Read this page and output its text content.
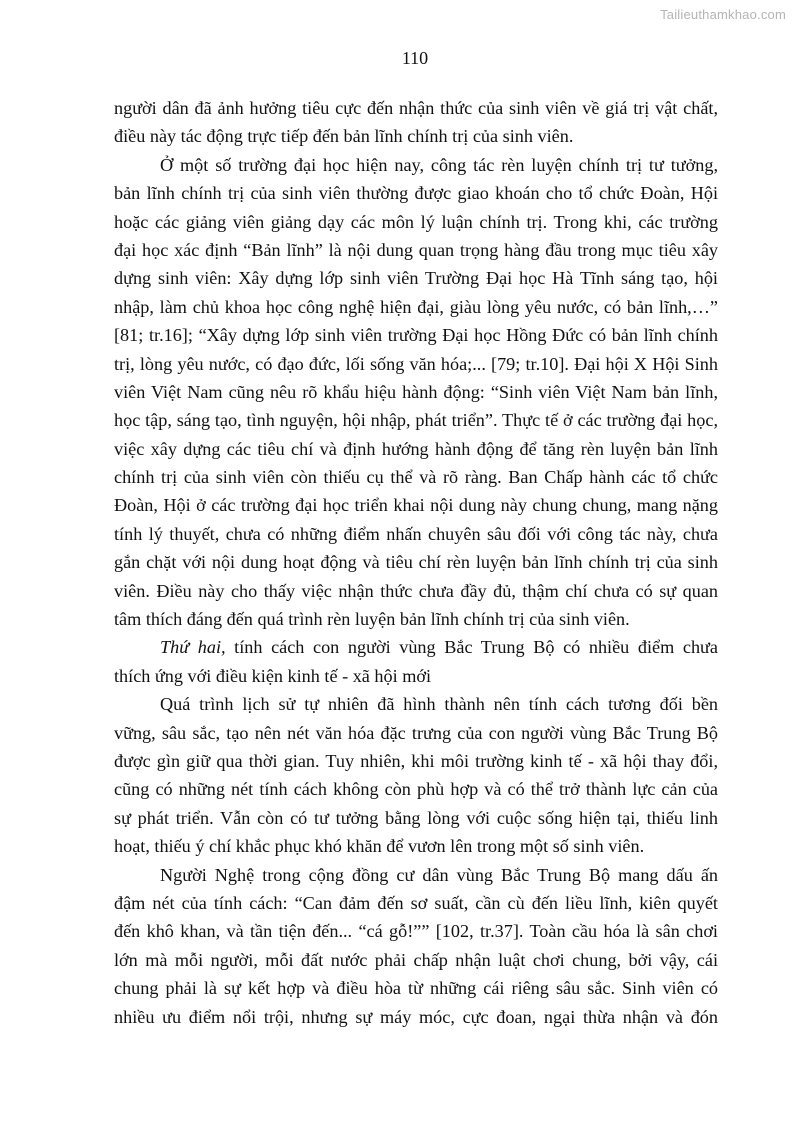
Tailieuthamkhao.com
110
người dân đã ảnh hưởng tiêu cực đến nhận thức của sinh viên về giá trị vật chất,
điều này tác động trực tiếp đến bản lĩnh chính trị của sinh viên.
Ở một số trường đại học hiện nay, công tác rèn luyện chính trị tư tưởng,
bản lĩnh chính trị của sinh viên thường được giao khoán cho tổ chức Đoàn, Hội
hoặc các giảng viên giảng dạy các môn lý luận chính trị. Trong khi, các trường
đại học xác định “Bản lĩnh” là nội dung quan trọng hàng đầu trong mục tiêu xây
dựng sinh viên: Xây dựng lớp sinh viên Trường Đại học Hà Tĩnh sáng tạo, hội
nhập, làm chủ khoa học công nghệ hiện đại, giàu lòng yêu nước, có bản lĩnh,…”
[81; tr.16]; “Xây dựng lớp sinh viên trường Đại học Hồng Đức có bản lĩnh chính
trị, lòng yêu nước, có đạo đức, lối sống văn hóa;... [79; tr.10]. Đại hội X Hội Sinh
viên Việt Nam cũng nêu rõ khẩu hiệu hành động: “Sinh viên Việt Nam bản lĩnh,
học tập, sáng tạo, tình nguyện, hội nhập, phát triển”. Thực tế ở các trường đại học,
việc xây dựng các tiêu chí và định hướng hành động để tăng rèn luyện bản lĩnh
chính trị của sinh viên còn thiếu cụ thể và rõ ràng. Ban Chấp hành các tổ chức
Đoàn, Hội ở các trường đại học triển khai nội dung này chung chung, mang nặng
tính lý thuyết, chưa có những điểm nhấn chuyên sâu đối với công tác này, chưa
gắn chặt với nội dung hoạt động và tiêu chí rèn luyện bản lĩnh chính trị của sinh
viên. Điều này cho thấy việc nhận thức chưa đầy đủ, thậm chí chưa có sự quan
tâm thích đáng đến quá trình rèn luyện bản lĩnh chính trị của sinh viên.
Thứ hai, tính cách con người vùng Bắc Trung Bộ có nhiều điểm chưa
thích ứng với điều kiện kinh tế - xã hội mới
Quá trình lịch sử tự nhiên đã hình thành nên tính cách tương đối bền
vững, sâu sắc, tạo nên nét văn hóa đặc trưng của con người vùng Bắc Trung Bộ
được gìn giữ qua thời gian. Tuy nhiên, khi môi trường kinh tế - xã hội thay đổi,
cũng có những nét tính cách không còn phù hợp và có thể trở thành lực cản của
sự phát triển. Vẫn còn có tư tưởng bằng lòng với cuộc sống hiện tại, thiếu linh
hoạt, thiếu ý chí khắc phục khó khăn để vươn lên trong một số sinh viên.
Người Nghệ trong cộng đồng cư dân vùng Bắc Trung Bộ mang dấu ấn
đậm nét của tính cách: “Can đảm đến sơ suất, cần cù đến liều lĩnh, kiên quyết
đến khô khan, và tần tiện đến... “cá gỗ!”” [102, tr.37]. Toàn cầu hóa là sân chơi
lớn mà mỗi người, mỗi đất nước phải chấp nhận luật chơi chung, bởi vậy, cái
chung phải là sự kết hợp và điều hòa từ những cái riêng sâu sắc. Sinh viên có
nhiều ưu điểm nổi trội, nhưng sự máy móc, cực đoan, ngại thừa nhận và đón
